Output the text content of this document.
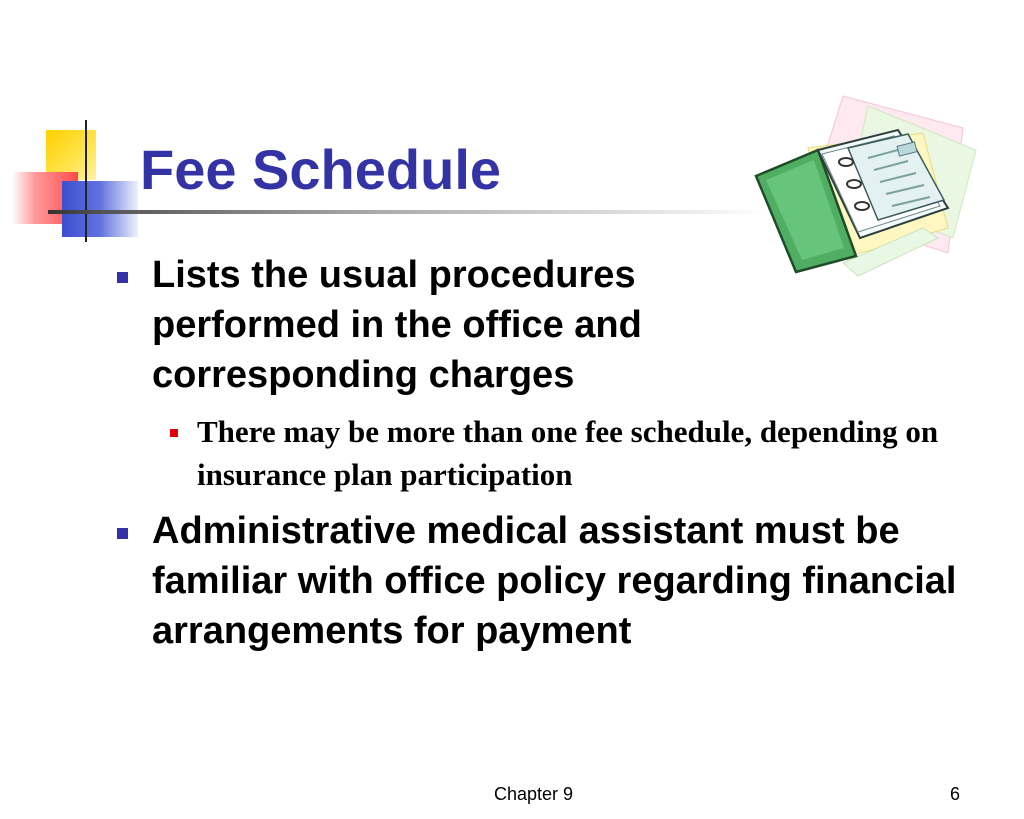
Fee Schedule
Lists the usual procedures performed in the office and corresponding charges
There may be more than one fee schedule, depending on insurance plan participation
Administrative medical assistant must be familiar with office policy regarding financial arrangements for payment
Chapter 9	6
